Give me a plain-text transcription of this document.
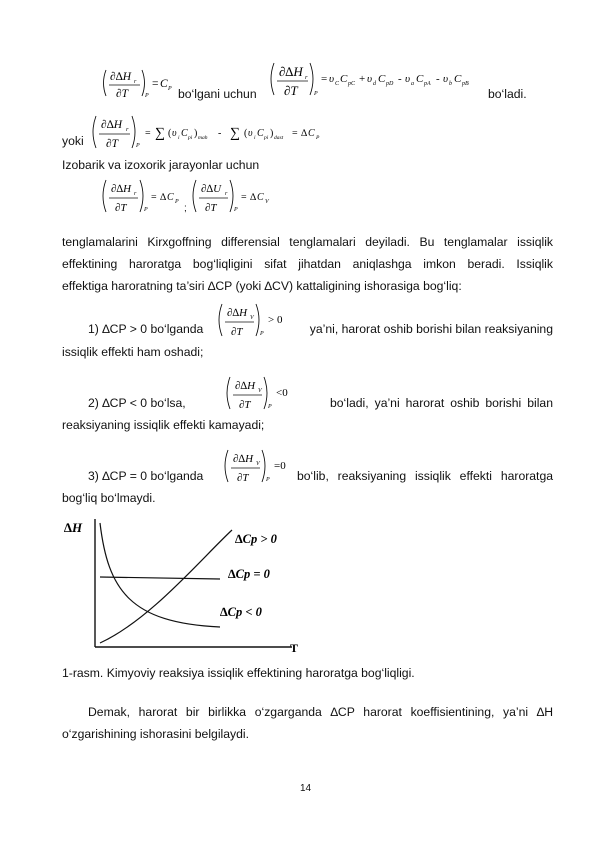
∂∆H r
∂T	P
= C P bo‘lgani uchun
∂∆H r
∂T	P
= υ C C pC + υ d C pD - υ a C pA - υ b C pB
bo‘ladi.
yoki
∂∆H r
∂T	P
= ∑ ( υ i C pi ) mah - ∑ ( υ i C pi ) dast = ∆ C P
Izobarik va izoxorik jarayonlar uchun
∂∆H r
∂T	P
= ∆ C P
;
∂∆U r
∂T	P
= ∆ C V
tenglamalarini Kirxgoffning differensial tenglamalari deyiladi. Bu tenglamalar issiqlik
effektining haroratga bog‘liqligini sifat jihatdan aniqlashga imkon beradi. Issiqlik
effektiga haroratning ta’siri ∆CP (yoki ∆CV) kattaligining ishorasiga bog‘liq:
1) ∆CP > 0 bo‘lganda
∂∆H V
∂T	P
> 0
ya’ni, harorat oshib borishi bilan reaksiyaning
issiqlik effekti ham oshadi;
2) ∆CP < 0 bo‘lsa,
∂∆H V
∂T	P
<0
bo‘ladi, ya’ni harorat oshib borishi bilan
reaksiyaning issiqlik effekti kamayadi;
3) ∆CP = 0 bo‘lganda
∂∆H V
∂T	P
=0
bo‘lib, reaksiyaning issiqlik effekti haroratga
bog‘liq bo‘lmaydi.
∆H
T
∆Cp > 0
∆Cp = 0
∆Cp < 0
1-rasm. Kimyoviy reaksiya issiqlik effektining haroratga bog‘liqligi.
Demak, harorat bir birlikka o‘zgarganda ∆CP harorat koeffisientining, ya’ni ∆H
o‘zgarishining ishorasini belgilaydi.
14
